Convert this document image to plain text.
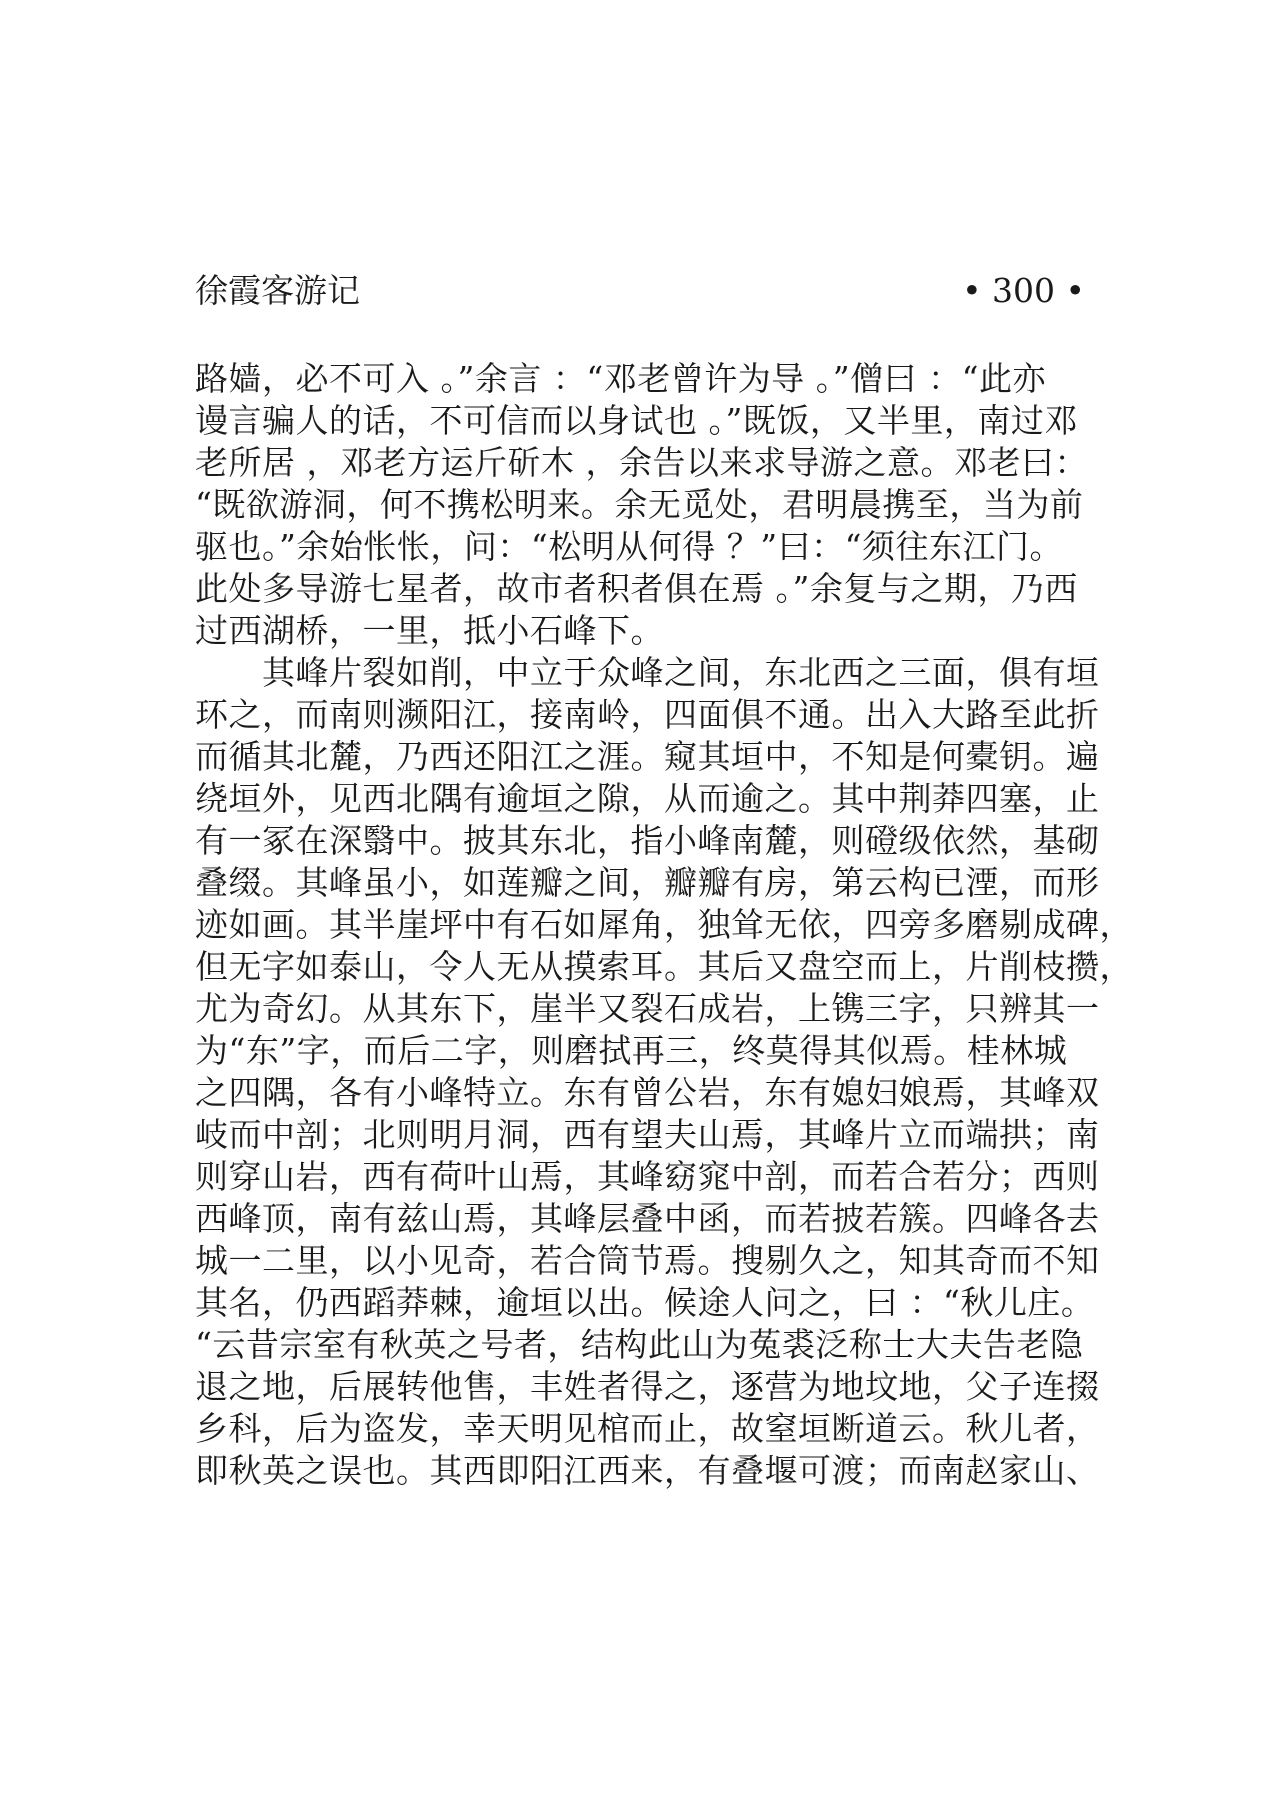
徐霞客游记	• 300 •
路嫱，必不可入 。”余言 ：“邓老曾许为导 。”僧曰 ：“此亦
谩言骗人的话，不可信而以身试也 。”既饭，又半里，南过邓
老所居 ，邓老方运斤斫木 ，余告以来求导游之意。邓老曰：
“既欲游洞，何不携松明来。余无觅处，君明晨携至，当为前
驱也。”余始怅怅，问：“松明从何得 ？”曰：“须往东江门。
此处多导游七星者，故市者积者俱在焉 。”余复与之期，乃西
过西湖桥，一里，抵小石峰下。
　　其峰片裂如削，中立于众峰之间，东北西之三面，俱有垣
环之，而南则濒阳江，接南岭，四面俱不通。出入大路至此折
而循其北麓，乃西还阳江之涯。窥其垣中，不知是何橐钥。遍
绕垣外，见西北隅有逾垣之隙，从而逾之。其中荆莽四塞，止
有一冢在深翳中。披其东北，指小峰南麓，则磴级依然，基砌
叠缀。其峰虽小，如莲瓣之间，瓣瓣有房，第云构已湮，而形
迹如画。其半崖坪中有石如犀角，独耸无依，四旁多磨剔成碑，
但无字如泰山，令人无从摸索耳。其后又盘空而上，片削枝攒，
尤为奇幻。从其东下，崖半又裂石成岩，上镌三字，只辨其一
为“东”字，而后二字，则磨拭再三，终莫得其似焉。桂林城
之四隅，各有小峰特立。东有曾公岩，东有媳妇娘焉，其峰双
岐而中剖；北则明月洞，西有望夫山焉，其峰片立而端拱；南
则穿山岩，西有荷叶山焉，其峰窈窕中剖，而若合若分；西则
西峰顶，南有兹山焉，其峰层叠中函，而若披若簇。四峰各去
城一二里，以小见奇，若合筒节焉。搜剔久之，知其奇而不知
其名，仍西蹈莽棘，逾垣以出。候途人问之，曰 ：“秋儿庄。
“云昔宗室有秋英之号者，结构此山为菟裘泛称士大夫告老隐
退之地，后展转他售，丰姓者得之，逐营为地坟地，父子连掇
乡科，后为盗发，幸天明见棺而止，故窒垣断道云。秋儿者，
即秋英之误也。其西即阳江西来，有叠堰可渡；而南赵家山、
